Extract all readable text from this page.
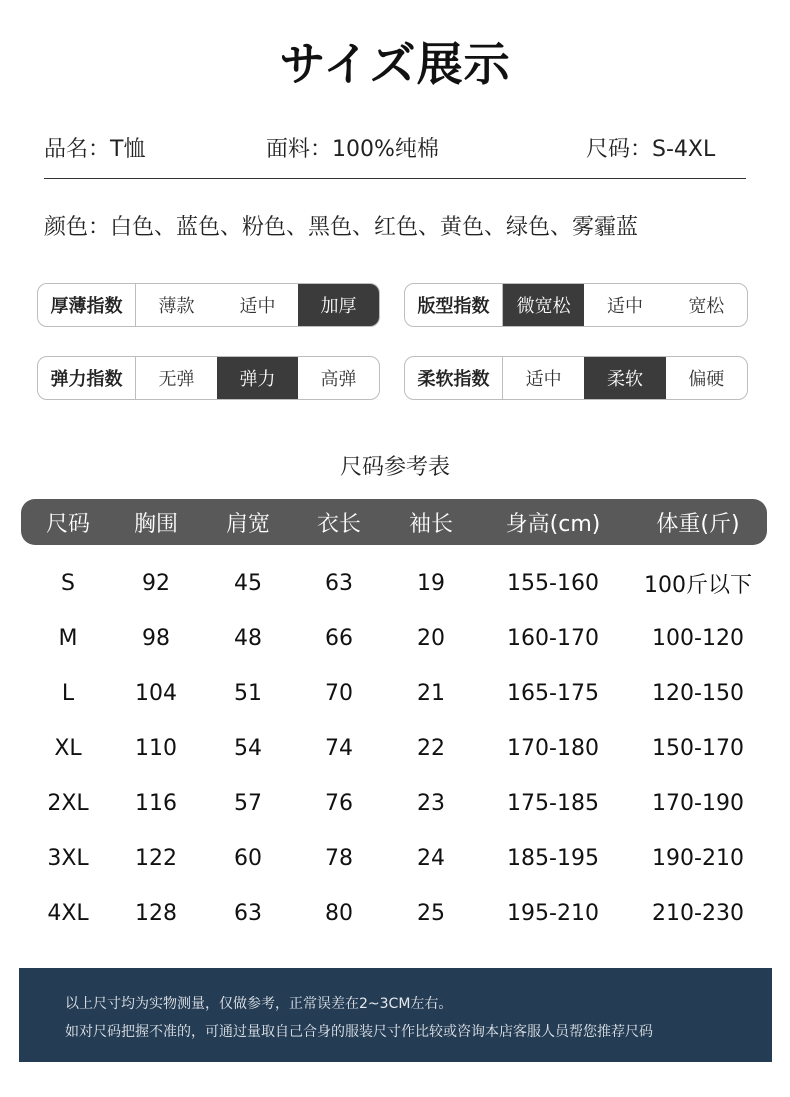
サイズ展示
品名：T恤	面料：100%纯棉	尺码：S-4XL
颜色：白色、蓝色、粉色、黑色、红色、黄色、绿色、雾霾蓝
厚薄指数	薄款	适中	加厚	版型指数	微宽松	适中	宽松
弹力指数	无弹	弹力	高弹	柔软指数	适中	柔软	偏硬
尺码参考表
尺码	胸围	肩宽	衣长	袖长	身高(cm)	体重(斤)
S	92	45	63	19	155-160	100斤以下
M	98	48	66	20	160-170	100-120
L	104	51	70	21	165-175	120-150
XL	110	54	74	22	170-180	150-170
2XL	116	57	76	23	175-185	170-190
3XL	122	60	78	24	185-195	190-210
4XL	128	63	80	25	195-210	210-230
以上尺寸均为实物测量，仅做参考，正常误差在2~3CM左右。
如对尺码把握不准的，可通过量取自己合身的服装尺寸作比较或咨询本店客服人员帮您推荐尺码
